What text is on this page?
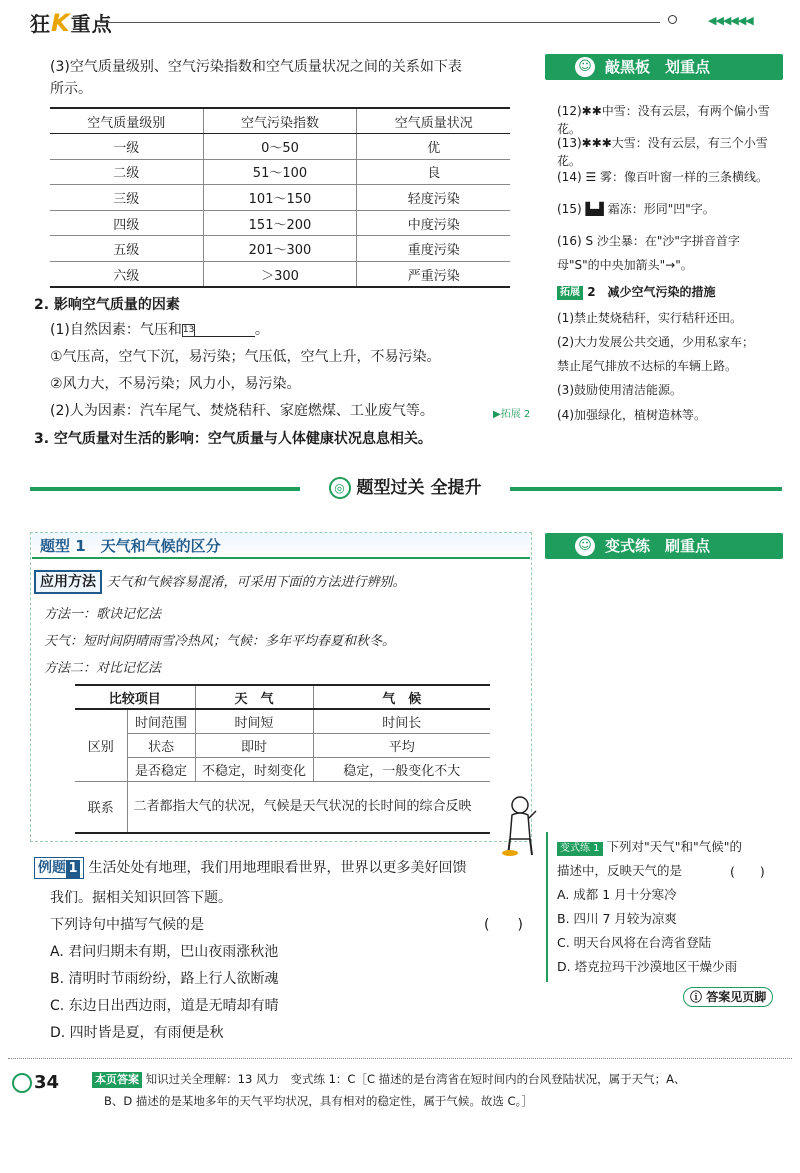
狂K重点	◀◀◀◀◀◀
(3)空气质量级别、空气污染指数和空气质量状况之间的关系如下表
所示。
空气质量级别	空气污染指数	空气质量状况
一级	0～50	优
二级	51～100	良
三级	101～150	轻度污染
四级	151～200	中度污染
五级	201～300	重度污染
六级	＞300	严重污染
2. 影响空气质量的因素
(1)自然因素：气压和13	。
①气压高，空气下沉，易污染；气压低，空气上升，不易污染。
②风力大，不易污染；风力小，易污染。
(2)人为因素：汽车尾气、焚烧秸秆、家庭燃煤、工业废气等。	▶拓展 2
3. 空气质量对生活的影响：空气质量与人体健康状况息息相关。
☺ 敲黑板　划重点
(12)✱✱中雪：没有云层，有两个偏小雪花。
(13)✱✱✱大雪：没有云层，有三个小雪花。
(14) ☰ 雾：像百叶窗一样的三条横线。
(15) ▙▟ 霜冻：形同"凹"字。
(16) S 沙尘暴：在"沙"字拼音首字
母"S"的中央加箭头"→"。
拓展 2　减少空气污染的措施
(1)禁止焚烧秸秆，实行秸秆还田。
(2)大力发展公共交通，少用私家车；
禁止尾气排放不达标的车辆上路。
(3)鼓励使用清洁能源。
(4)加强绿化，植树造林等。
◎ 题型过关 全提升
题型 1　天气和气候的区分
应用方法 天气和气候容易混淆，可采用下面的方法进行辨别。
方法一：歌诀记忆法
天气：短时间阴晴雨雪冷热风；气候：多年平均春夏和秋冬。
方法二：对比记忆法
比较项目		天　气	气　候
区别	时间范围	时间短	时间长
	状态	即时	平均
	是否稳定	不稳定，时刻变化	稳定，一般变化不大
联系	二者都指大气的状况，气候是天气状况的长时间的综合反映		
例题 1 生活处处有地理，我们用地理眼看世界，世界以更多美好回馈
我们。据相关知识回答下题。
下列诗句中描写气候的是	(　　)
A. 君问归期未有期，巴山夜雨涨秋池
B. 清明时节雨纷纷，路上行人欲断魂
C. 东边日出西边雨，道是无晴却有晴
D. 四时皆是夏，有雨便是秋
☺ 变式练　刷重点
变式练 1 下列对"天气"和"气候"的
描述中，反映天气的是	(　　)
A. 成都 1 月十分寒冷
B. 四川 7 月较为凉爽
C. 明天台风将在台湾省登陆
D. 塔克拉玛干沙漠地区干燥少雨
ⓘ 答案见页脚
34	本页答案 知识过关全理解：13 风力　变式练 1：C［C 描述的是台湾省在短时间内的台风登陆状况，属于天气；A、
B、D 描述的是某地多年的天气平均状况，具有相对的稳定性，属于气候。故选 C。］
